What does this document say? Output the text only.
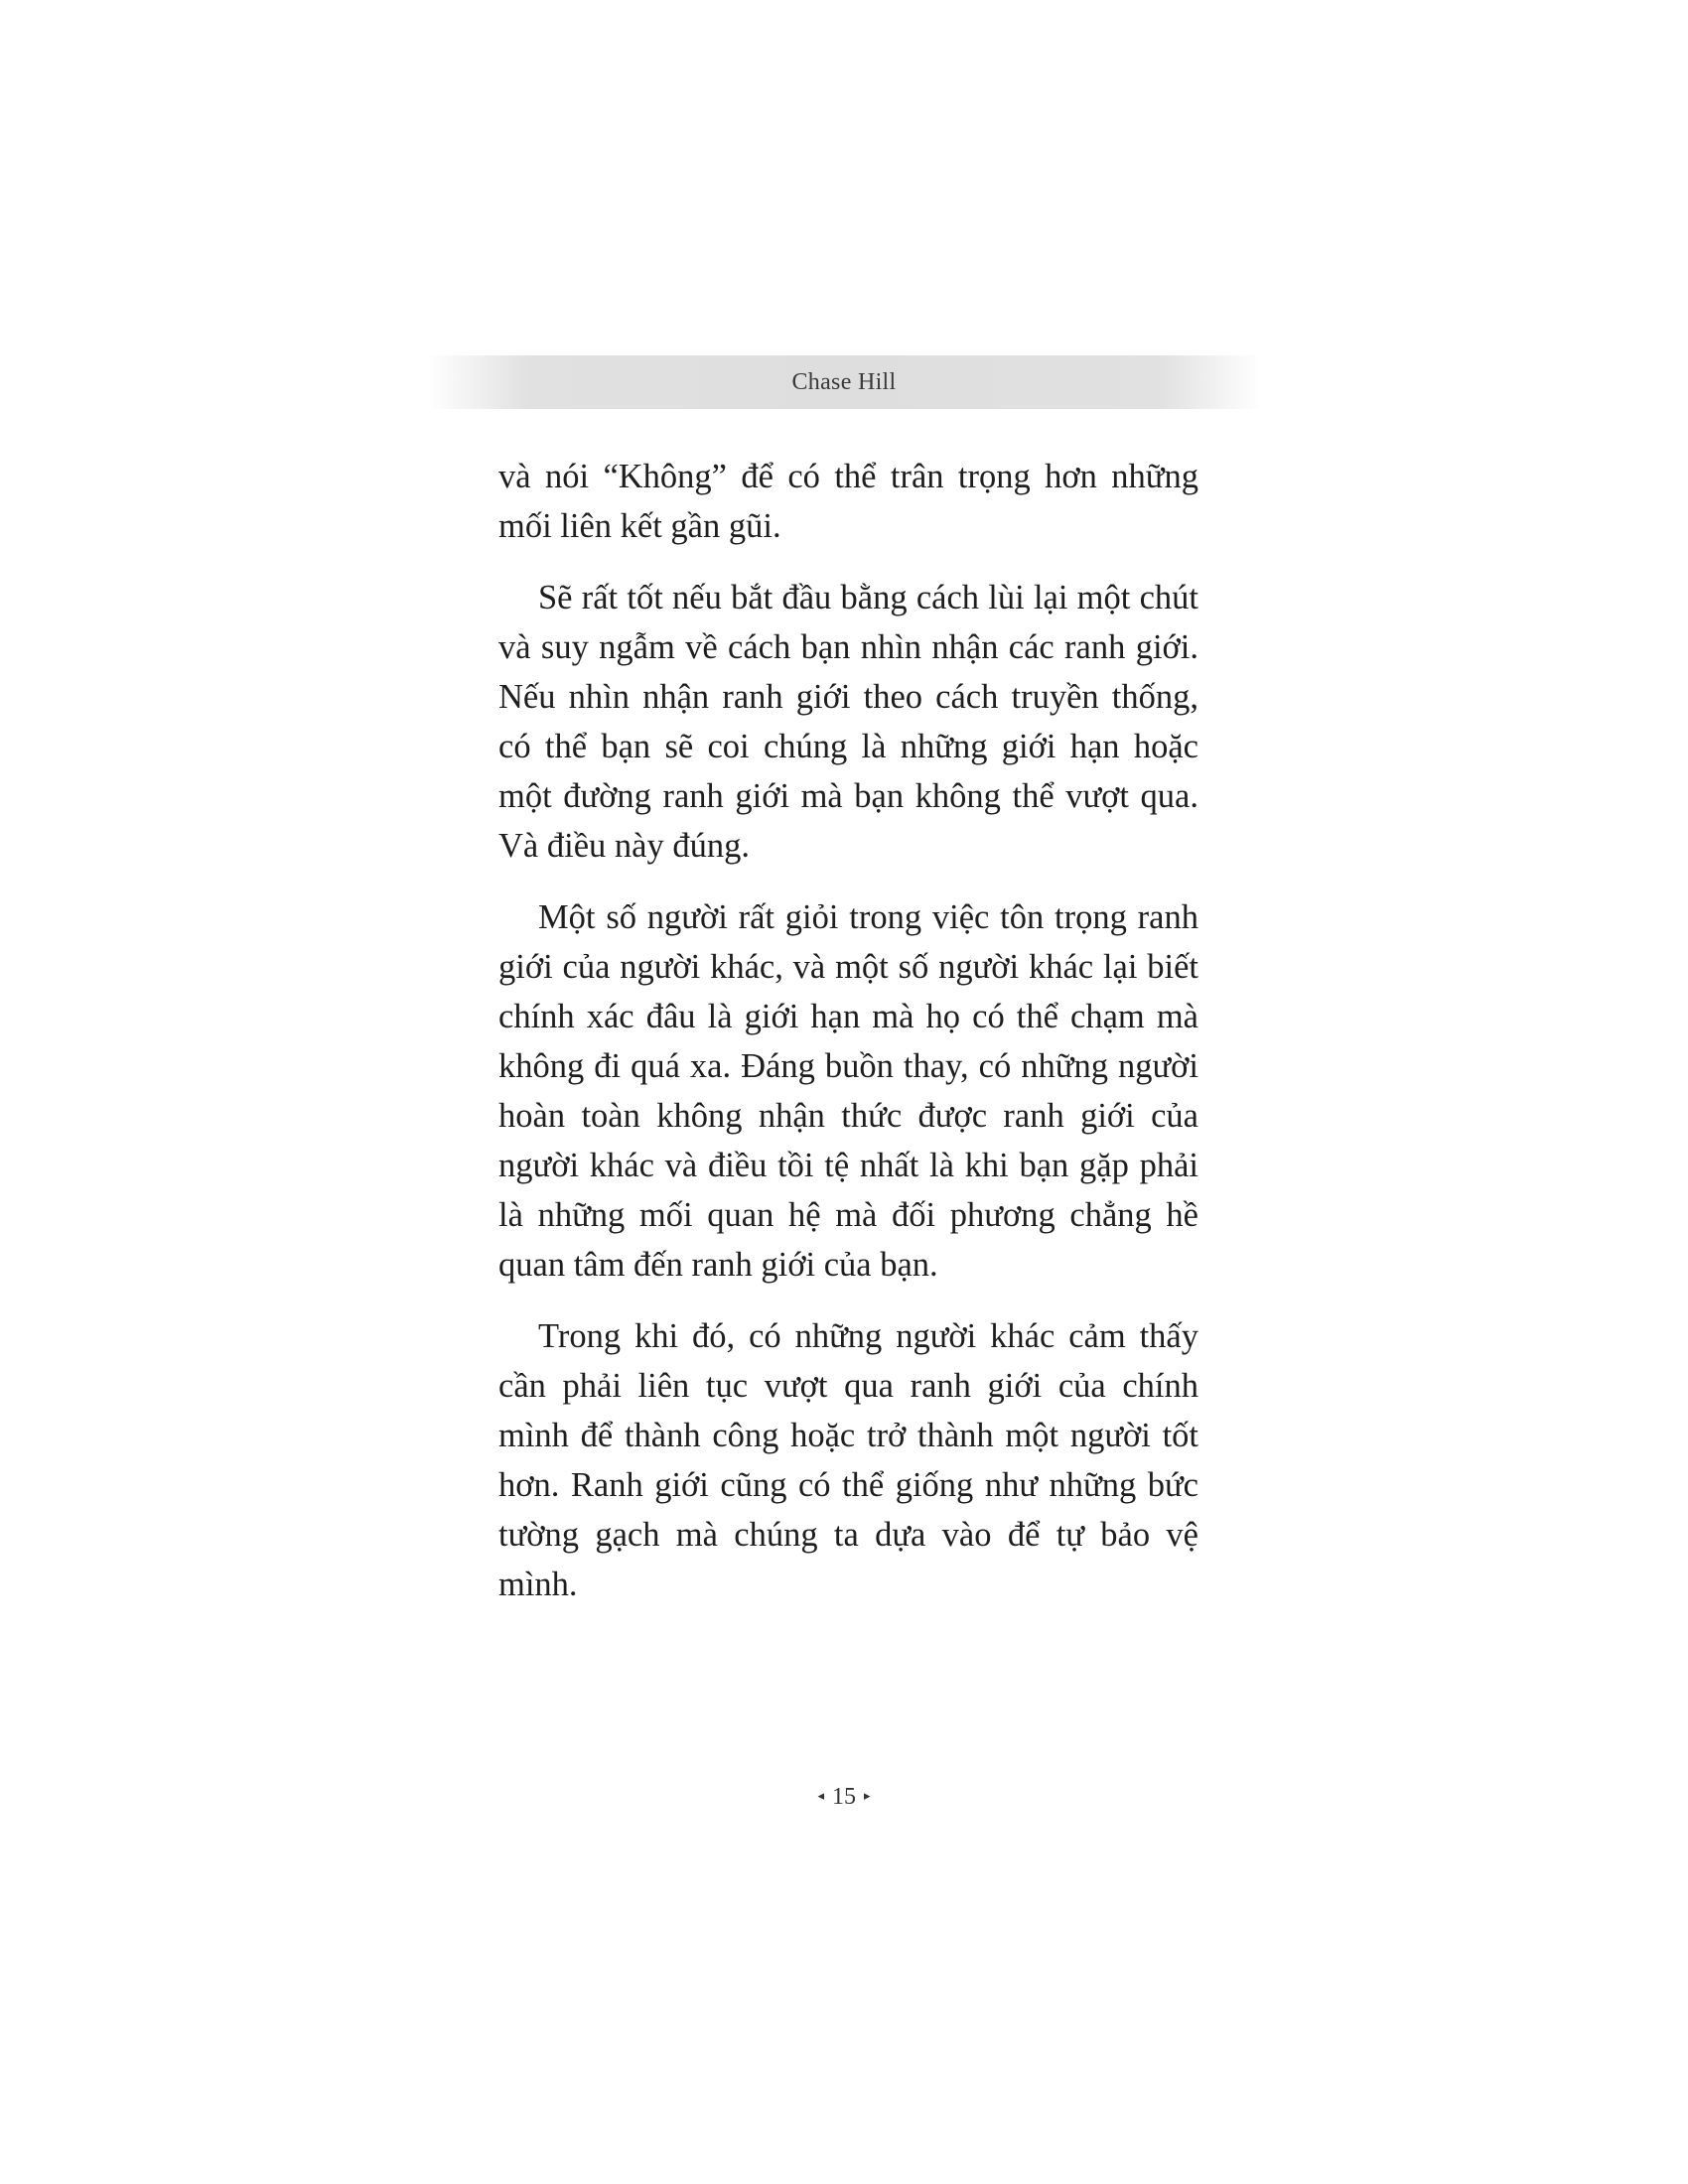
Chase Hill

và nói “Không” để có thể trân trọng hơn những mối liên kết gần gũi.

Sẽ rất tốt nếu bắt đầu bằng cách lùi lại một chút và suy ngẫm về cách bạn nhìn nhận các ranh giới. Nếu nhìn nhận ranh giới theo cách truyền thống, có thể bạn sẽ coi chúng là những giới hạn hoặc một đường ranh giới mà bạn không thể vượt qua. Và điều này đúng.

Một số người rất giỏi trong việc tôn trọng ranh giới của người khác, và một số người khác lại biết chính xác đâu là giới hạn mà họ có thể chạm mà không đi quá xa. Đáng buồn thay, có những người hoàn toàn không nhận thức được ranh giới của người khác và điều tồi tệ nhất là khi bạn gặp phải là những mối quan hệ mà đối phương chẳng hề quan tâm đến ranh giới của bạn.

Trong khi đó, có những người khác cảm thấy cần phải liên tục vượt qua ranh giới của chính mình để thành công hoặc trở thành một người tốt hơn. Ranh giới cũng có thể giống như những bức tường gạch mà chúng ta dựa vào để tự bảo vệ mình.

◂ 15 ▸
